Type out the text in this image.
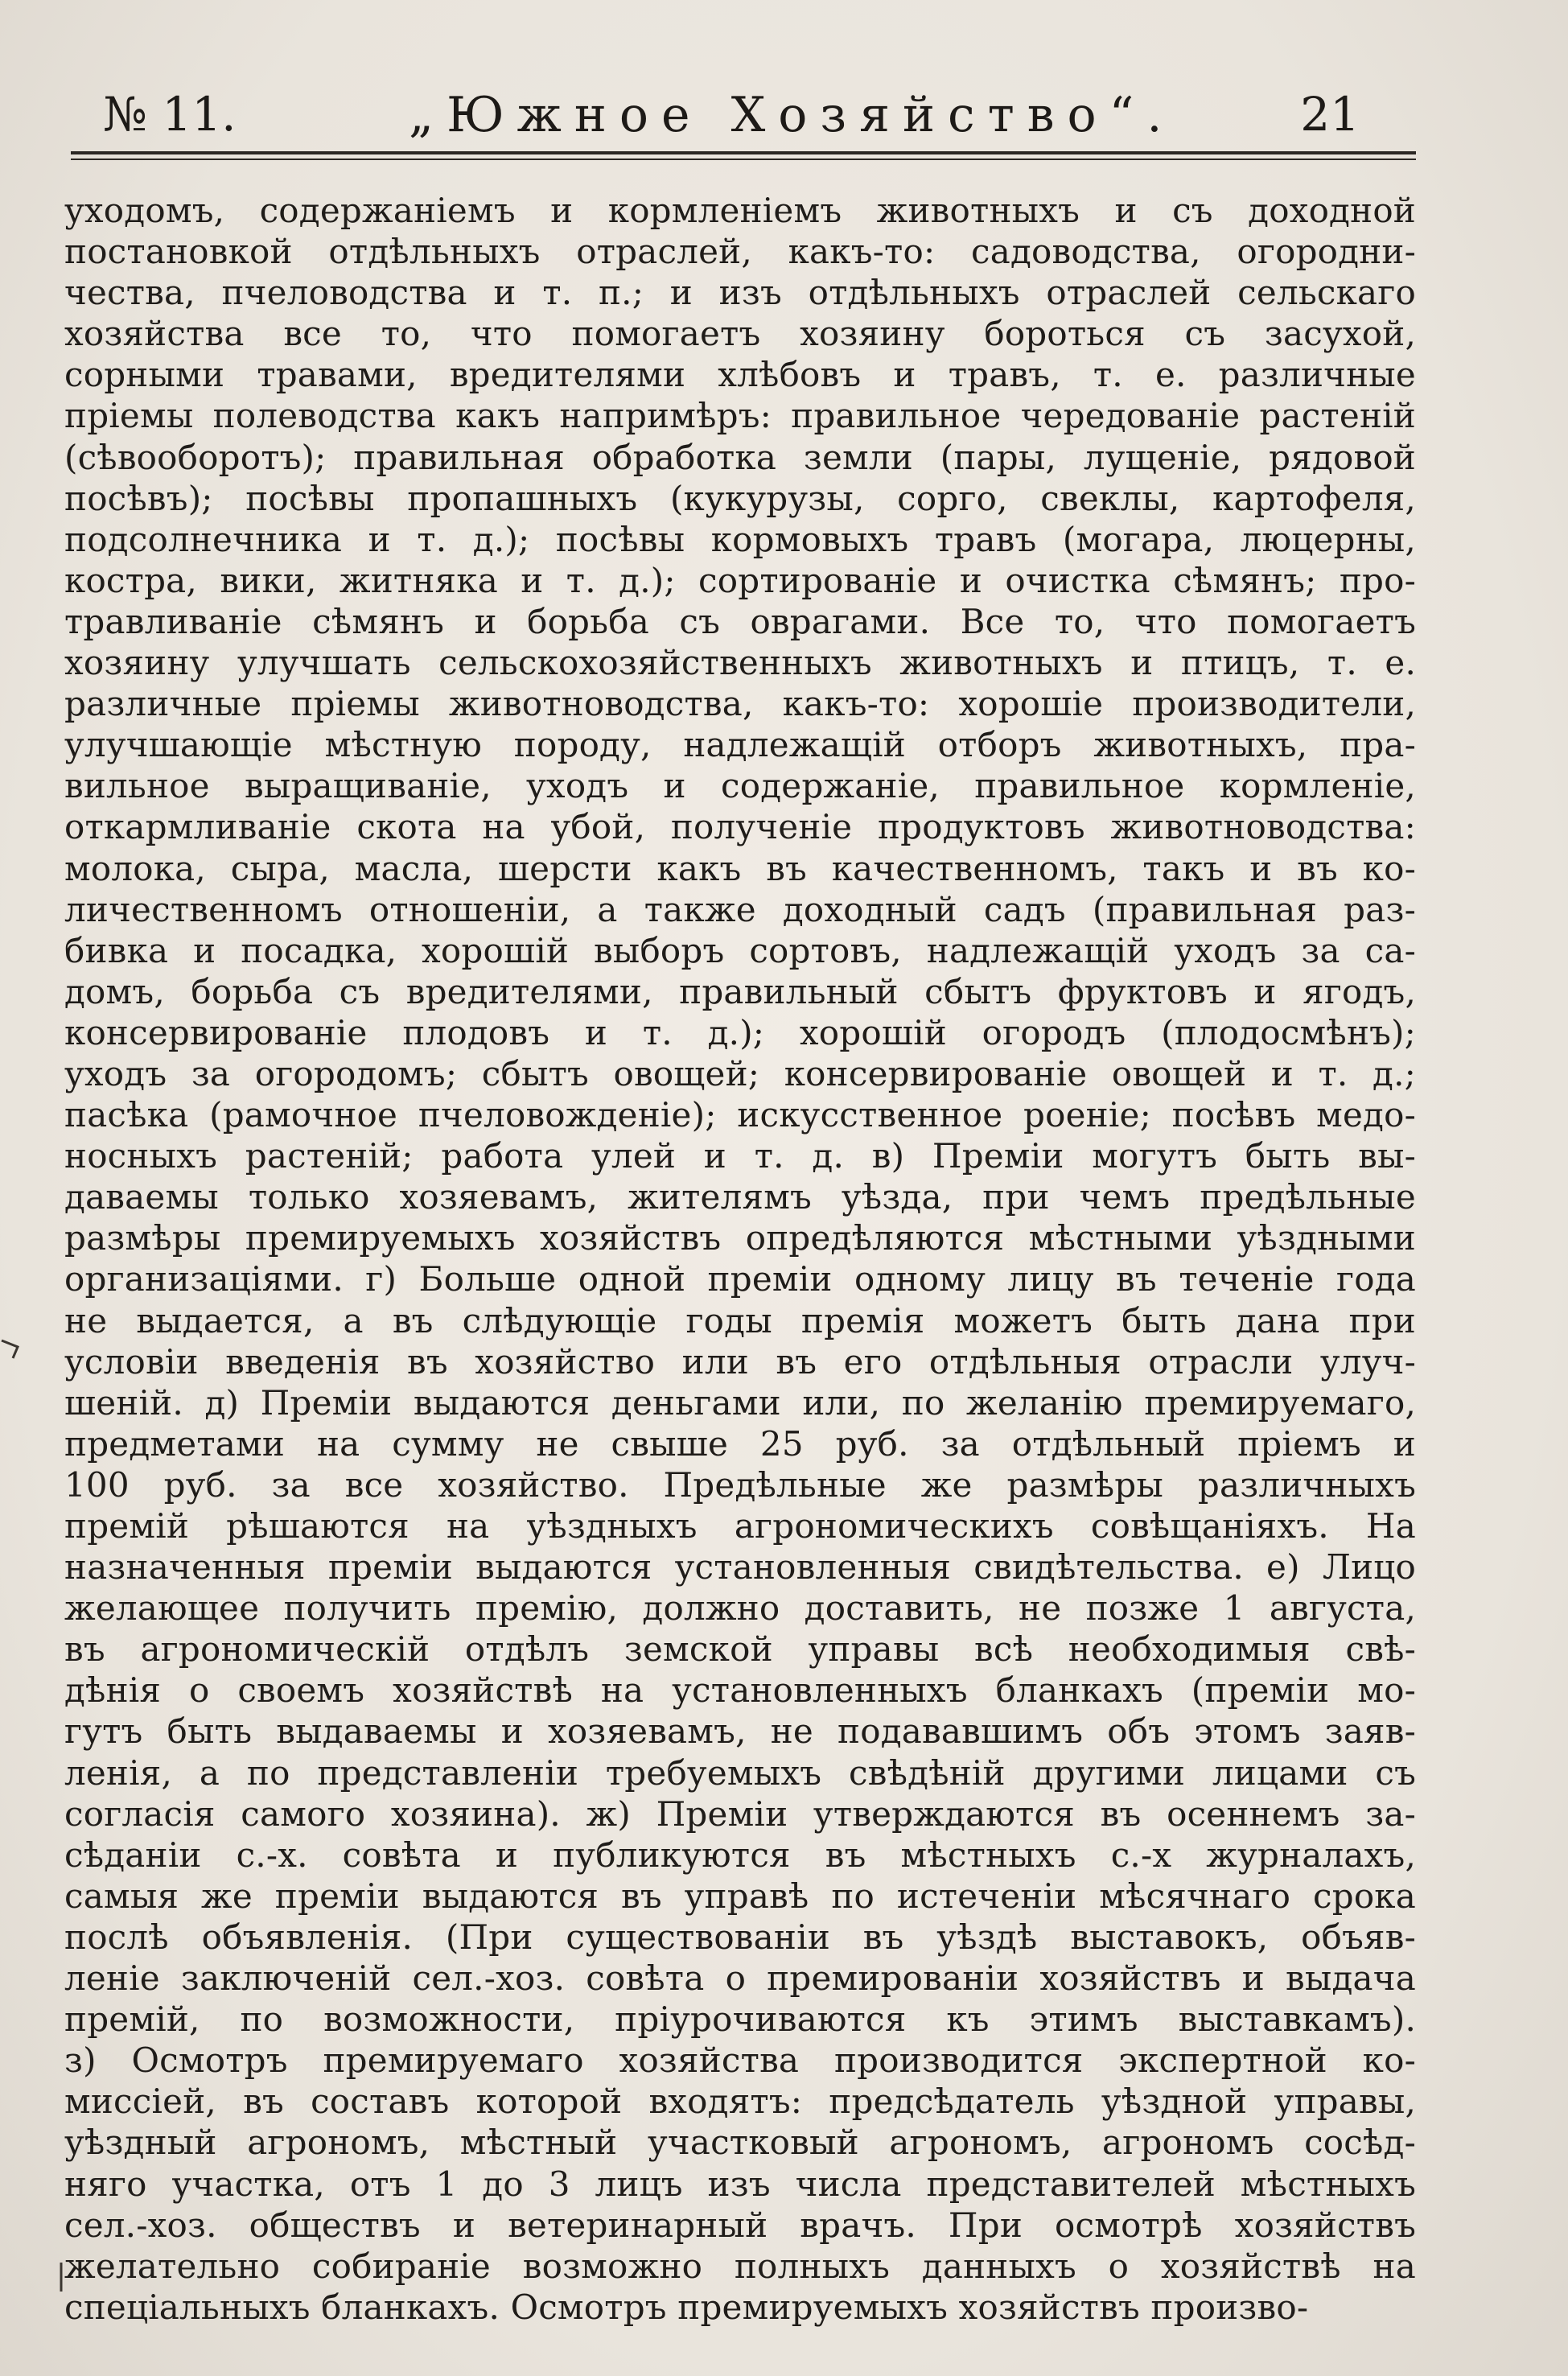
№ 11.	„Южное Хозяйство“.	21
уходомъ, содержаніемъ и кормленіемъ животныхъ и съ доходной
постановкой отдѣльныхъ отраслей, какъ-то: садоводства, огородни-
чества, пчеловодства и т. п.; и изъ отдѣльныхъ отраслей сельскаго
хозяйства все то, что помогаетъ хозяину бороться съ засухой,
сорными травами, вредителями хлѣбовъ и травъ, т. е. различные
пріемы полеводства какъ напримѣръ: правильное чередованіе растеній
(сѣвооборотъ); правильная обработка земли (пары, лущеніе, рядовой
посѣвъ); посѣвы пропашныхъ (кукурузы, сорго, свеклы, картофеля,
подсолнечника и т. д.); посѣвы кормовыхъ травъ (могара, люцерны,
костра, вики, житняка и т. д.); сортированіе и очистка сѣмянъ; про-
травливаніе сѣмянъ и борьба съ оврагами. Все то, что помогаетъ
хозяину улучшать сельскохозяйственныхъ животныхъ и птицъ, т. е.
различные пріемы животноводства, какъ-то: хорошіе производители,
улучшающіе мѣстную породу, надлежащій отборъ животныхъ, пра-
вильное выращиваніе, уходъ и содержаніе, правильное кормленіе,
откармливаніе скота на убой, полученіе продуктовъ животноводства:
молока, сыра, масла, шерсти какъ въ качественномъ, такъ и въ ко-
личественномъ отношеніи, а также доходный садъ (правильная раз-
бивка и посадка, хорошій выборъ сортовъ, надлежащій уходъ за са-
домъ, борьба съ вредителями, правильный сбытъ фруктовъ и ягодъ,
консервированіе плодовъ и т. д.); хорошій огородъ (плодосмѣнъ);
уходъ за огородомъ; сбытъ овощей; консервированіе овощей и т. д.;
пасѣка (рамочное пчеловожденіе); искусственное роеніе; посѣвъ медо-
носныхъ растеній; работа улей и т. д. в) Преміи могутъ быть вы-
даваемы только хозяевамъ, жителямъ уѣзда, при чемъ предѣльные
размѣры премируемыхъ хозяйствъ опредѣляются мѣстными уѣздными
организаціями. г) Больше одной преміи одному лицу въ теченіе года
не выдается, а въ слѣдующіе годы премія можетъ быть дана при
условіи введенія въ хозяйство или въ его отдѣльныя отрасли улуч-
шеній. д) Преміи выдаются деньгами или, по желанію премируемаго,
предметами на сумму не свыше 25 руб. за отдѣльный пріемъ и
100 руб. за все хозяйство. Предѣльные же размѣры различныхъ
премій рѣшаются на уѣздныхъ агрономическихъ совѣщаніяхъ. На
назначенныя преміи выдаются установленныя свидѣтельства. е) Лицо
желающее получить премію, должно доставить, не позже 1 августа,
въ агрономическій отдѣлъ земской управы всѣ необходимыя свѣ-
дѣнія о своемъ хозяйствѣ на установленныхъ бланкахъ (преміи мо-
гутъ быть выдаваемы и хозяевамъ, не подававшимъ объ этомъ заяв-
ленія, а по представленіи требуемыхъ свѣдѣній другими лицами съ
согласія самого хозяина). ж) Преміи утверждаются въ осеннемъ за-
сѣданіи с.-х. совѣта и публикуются въ мѣстныхъ с.-х журналахъ,
самыя же преміи выдаются въ управѣ по истеченіи мѣсячнаго срока
послѣ объявленія. (При существованіи въ уѣздѣ выставокъ, объяв-
леніе заключеній сел.-хоз. совѣта о премированіи хозяйствъ и выдача
премій, по возможности, пріурочиваются къ этимъ выставкамъ).
з) Осмотръ премируемаго хозяйства производится экспертной ко-
миссіей, въ составъ которой входятъ: предсѣдатель уѣздной управы,
уѣздный агрономъ, мѣстный участковый агрономъ, агрономъ сосѣд-
няго участка, отъ 1 до 3 лицъ изъ числа представителей мѣстныхъ
сел.-хоз. обществъ и ветеринарный врачъ. При осмотрѣ хозяйствъ
желательно собираніе возможно полныхъ данныхъ о хозяйствѣ на
спеціальныхъ бланкахъ. Осмотръ премируемыхъ хозяйствъ произво-
